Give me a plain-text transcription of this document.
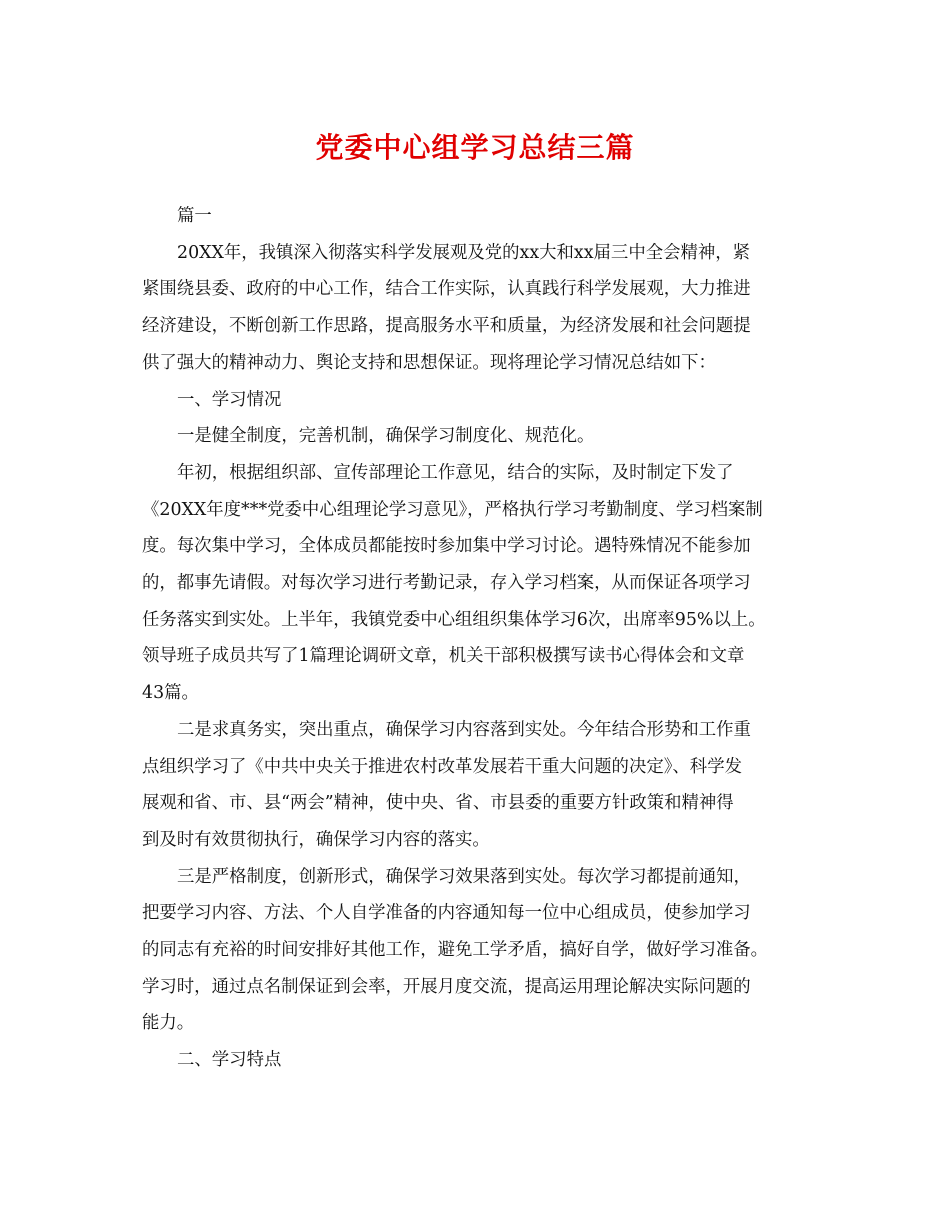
党委中心组学习总结三篇
篇一
20XX年，我镇深入彻落实科学发展观及党的xx大和xx届三中全会精神，紧
紧围绕县委、政府的中心工作，结合工作实际，认真践行科学发展观，大力推进
经济建设，不断创新工作思路，提高服务水平和质量，为经济发展和社会问题提
供了强大的精神动力、舆论支持和思想保证。现将理论学习情况总结如下：
一、学习情况
一是健全制度，完善机制，确保学习制度化、规范化。
年初，根据组织部、宣传部理论工作意见，结合的实际，及时制定下发了
《20XX年度***党委中心组理论学习意见》，严格执行学习考勤制度、学习档案制
度。每次集中学习，全体成员都能按时参加集中学习讨论。遇特殊情况不能参加
的，都事先请假。对每次学习进行考勤记录，存入学习档案，从而保证各项学习
任务落实到实处。上半年，我镇党委中心组组织集体学习6次，出席率95%以上。
领导班子成员共写了1篇理论调研文章，机关干部积极撰写读书心得体会和文章
43篇。
二是求真务实，突出重点，确保学习内容落到实处。今年结合形势和工作重
点组织学习了《中共中央关于推进农村改革发展若干重大问题的决定》、科学发
展观和省、市、县“两会”精神，使中央、省、市县委的重要方针政策和精神得
到及时有效贯彻执行，确保学习内容的落实。
三是严格制度，创新形式，确保学习效果落到实处。每次学习都提前通知，
把要学习内容、方法、个人自学准备的内容通知每一位中心组成员，使参加学习
的同志有充裕的时间安排好其他工作，避免工学矛盾，搞好自学，做好学习准备。
学习时，通过点名制保证到会率，开展月度交流，提高运用理论解决实际问题的
能力。
二、学习特点
